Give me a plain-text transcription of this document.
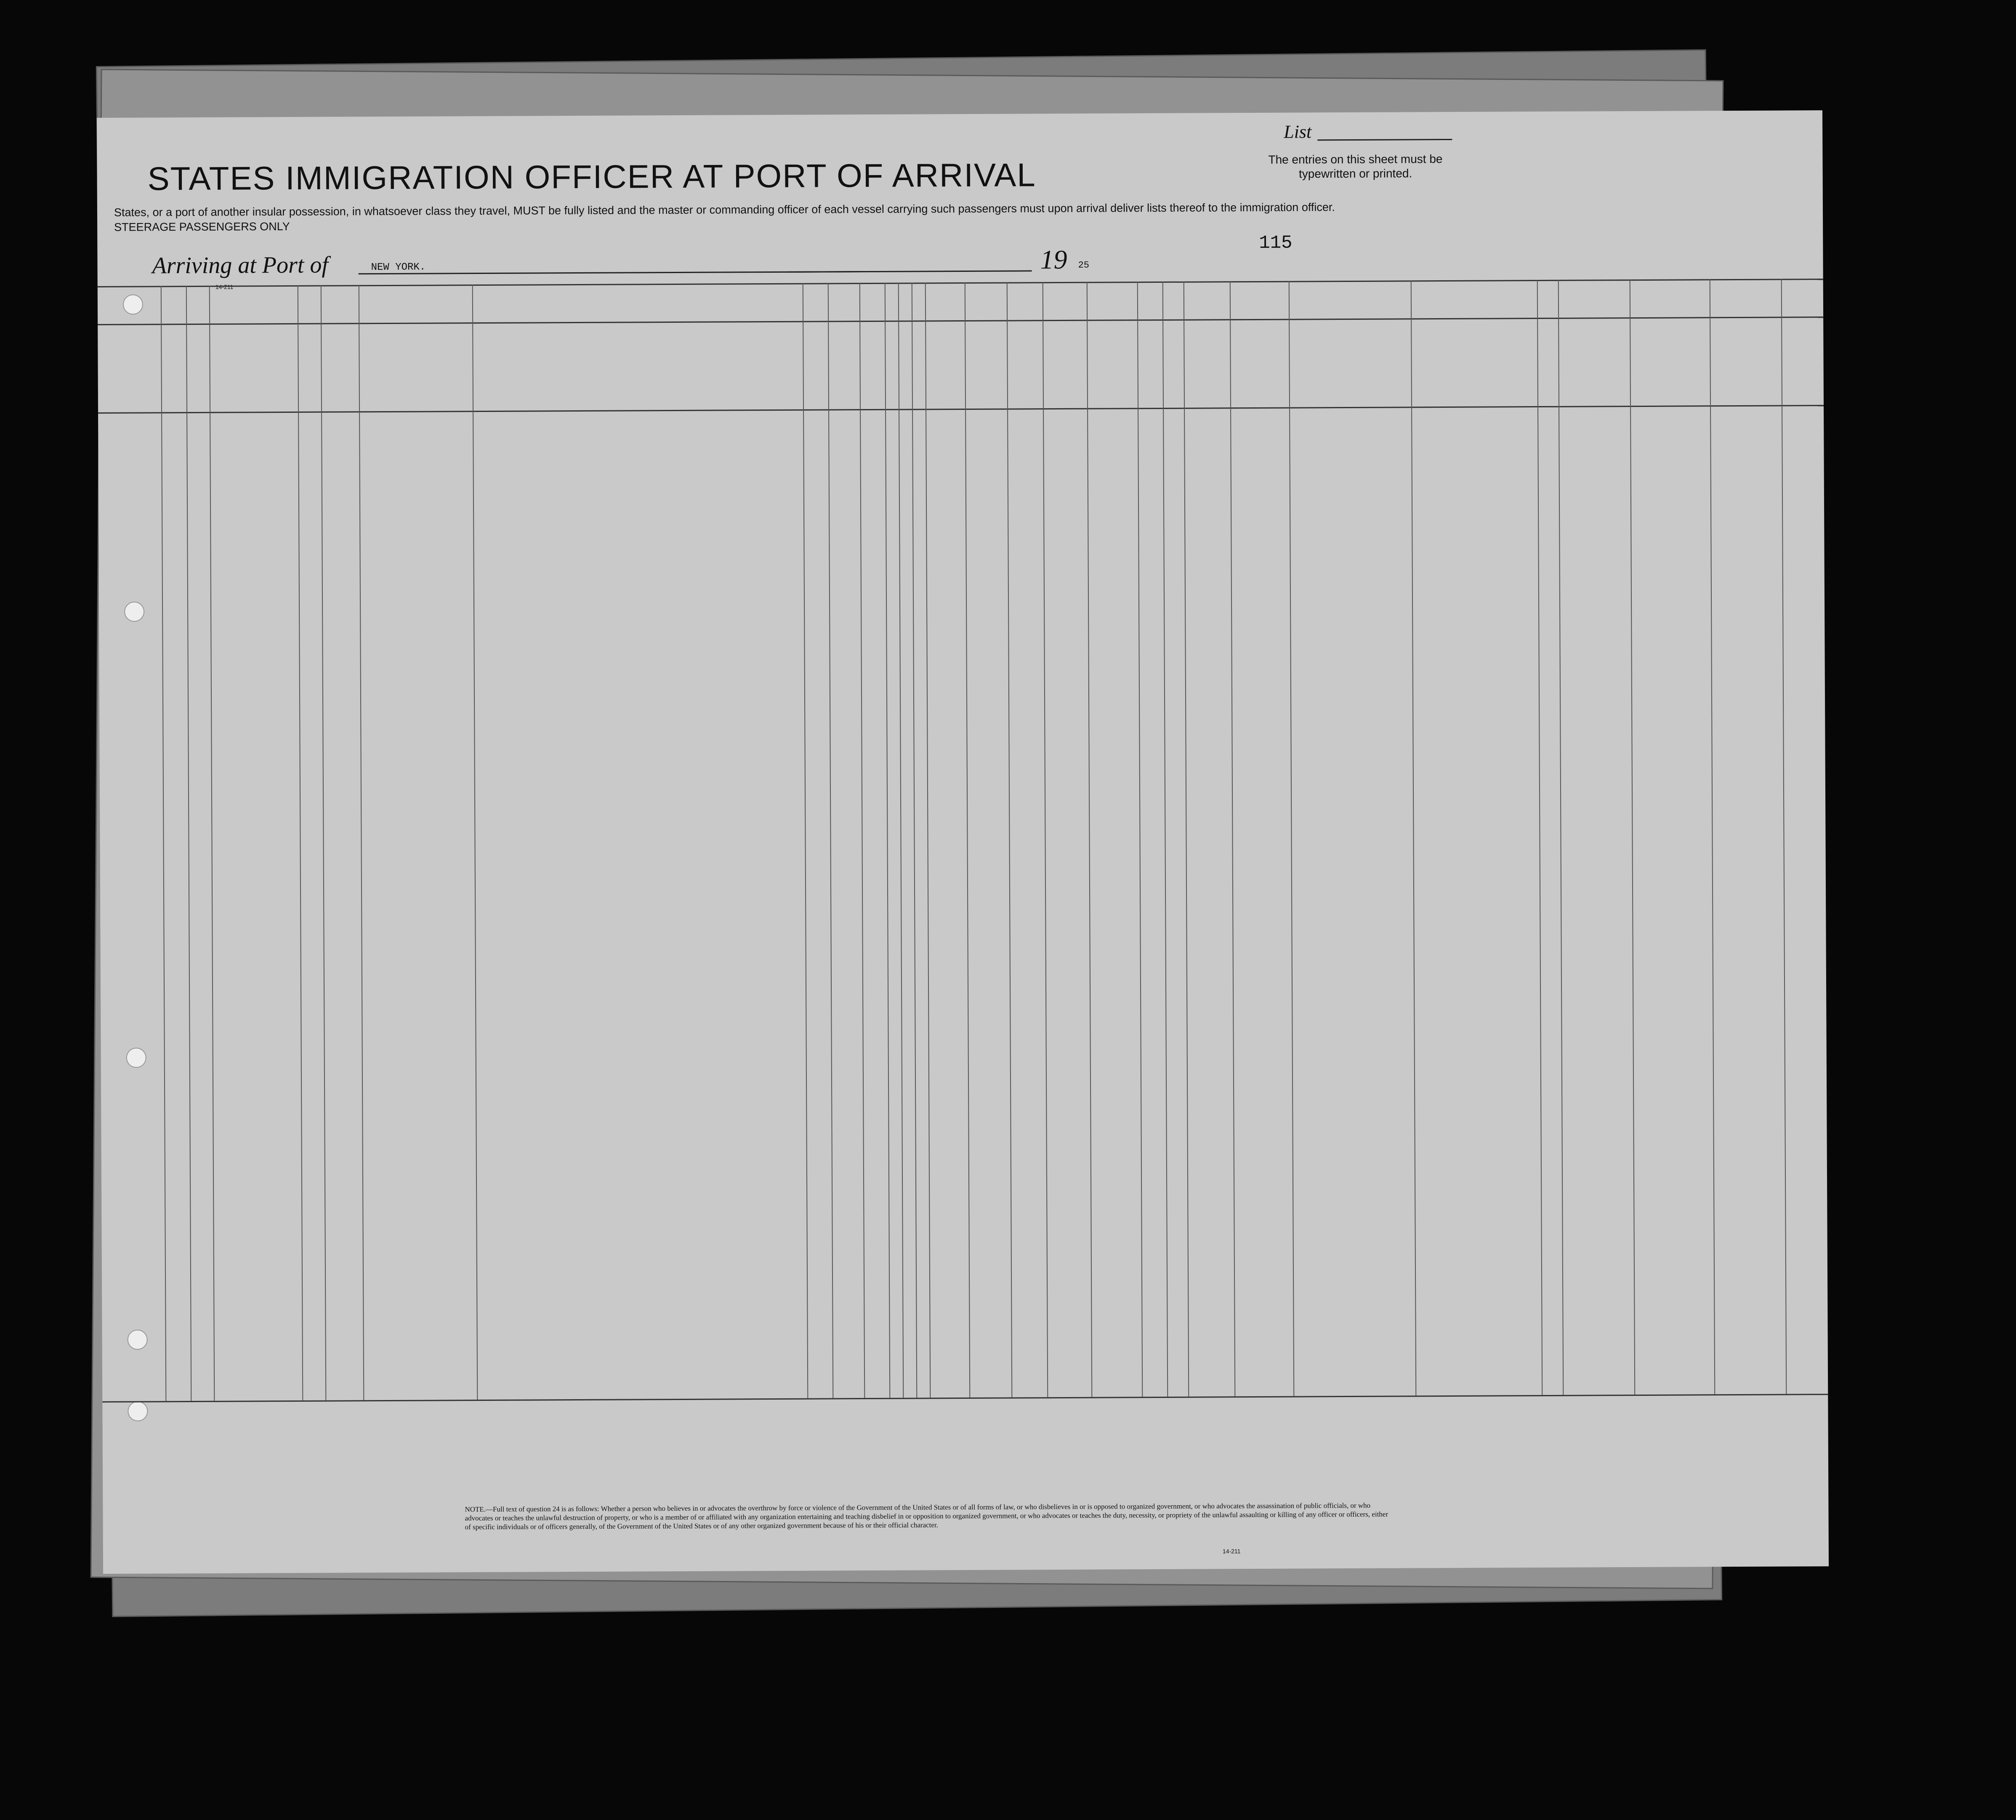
STATES IMMIGRATION OFFICER AT PORT OF ARRIVAL
List
The entries on this sheet must be typewritten or printed.
States, or a port of another insular possession, in whatsoever class they travel, MUST be fully listed and the master or commanding officer of each vessel carrying such passengers must upon arrival deliver lists thereof to the immigration officer.
STEERAGE PASSENGERS ONLY
Arriving at Port of	NEW YORK.	19 25
115
14-211
NOTE.—Full text of question 24 is as follows: Whether a person who believes in or advocates the overthrow by force or violence of the Government of the United States or of all forms of law, or who disbelieves in or is opposed to organized government, or who advocates the assassination of public officials, or who advocates or teaches the unlawful destruction of property, or who is a member of or affiliated with any organization entertaining and teaching disbelief in or opposition to organized government, or who advocates or teaches the duty, necessity, or propriety of the unlawful assaulting or killing of any officer or officers, either of specific individuals or of officers generally, of the Government of the United States or of any other organized government because of his or their official character.
14-211
